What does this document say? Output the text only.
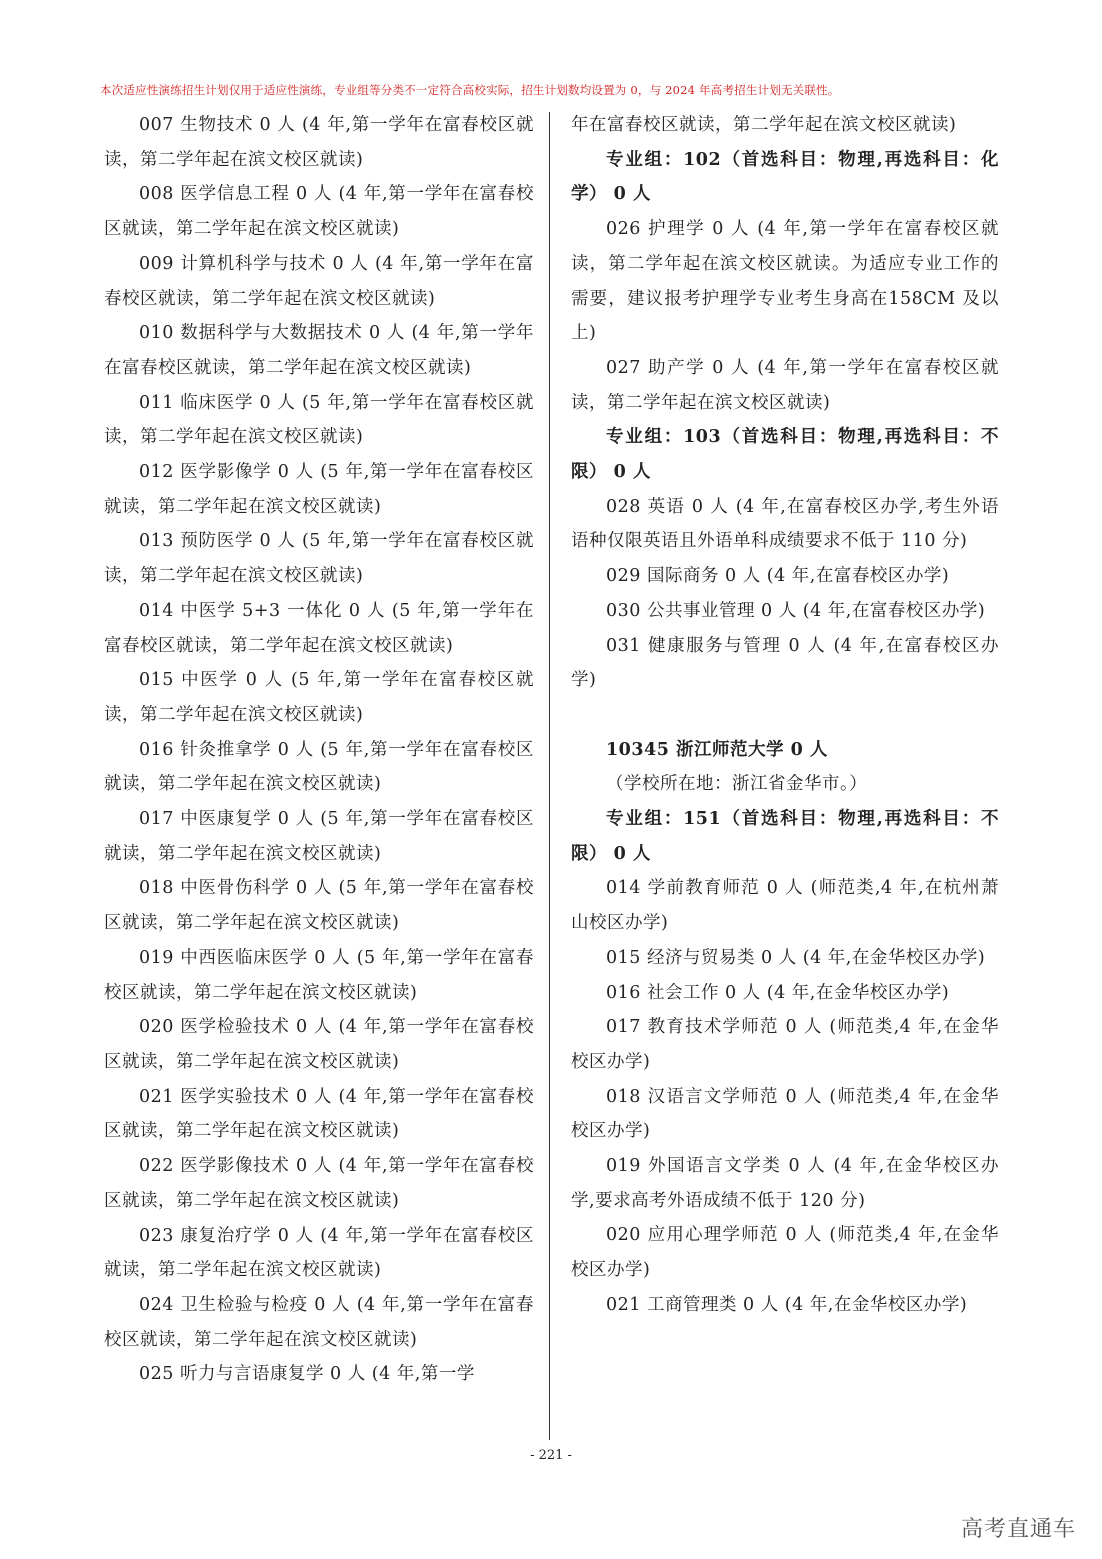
本次适应性演练招生计划仅用于适应性演练，专业组等分类不一定符合高校实际，招生计划数均设置为 0，与 2024 年高考招生计划无关联性。

007 生物技术 0 人 (4 年,第一学年在富春校区就读，第二学年起在滨文校区就读)

008 医学信息工程 0 人 (4 年,第一学年在富春校区就读，第二学年起在滨文校区就读)

009 计算机科学与技术 0 人 (4 年,第一学年在富春校区就读，第二学年起在滨文校区就读)

010 数据科学与大数据技术 0 人 (4 年,第一学年在富春校区就读，第二学年起在滨文校区就读)

011 临床医学 0 人 (5 年,第一学年在富春校区就读，第二学年起在滨文校区就读)

012 医学影像学 0 人 (5 年,第一学年在富春校区就读，第二学年起在滨文校区就读)

013 预防医学 0 人 (5 年,第一学年在富春校区就读，第二学年起在滨文校区就读)

014 中医学 5+3 一体化 0 人 (5 年,第一学年在富春校区就读，第二学年起在滨文校区就读)

015 中医学 0 人 (5 年,第一学年在富春校区就读，第二学年起在滨文校区就读)

016 针灸推拿学 0 人 (5 年,第一学年在富春校区就读，第二学年起在滨文校区就读)

017 中医康复学 0 人 (5 年,第一学年在富春校区就读，第二学年起在滨文校区就读)

018 中医骨伤科学 0 人 (5 年,第一学年在富春校区就读，第二学年起在滨文校区就读)

019 中西医临床医学 0 人 (5 年,第一学年在富春校区就读，第二学年起在滨文校区就读)

020 医学检验技术 0 人 (4 年,第一学年在富春校区就读，第二学年起在滨文校区就读)

021 医学实验技术 0 人 (4 年,第一学年在富春校区就读，第二学年起在滨文校区就读)

022 医学影像技术 0 人 (4 年,第一学年在富春校区就读，第二学年起在滨文校区就读)

023 康复治疗学 0 人 (4 年,第一学年在富春校区就读，第二学年起在滨文校区就读)

024 卫生检验与检疫 0 人 (4 年,第一学年在富春校区就读，第二学年起在滨文校区就读)

025 听力与言语康复学 0 人 (4 年,第一学

年在富春校区就读，第二学年起在滨文校区就读)

专业组：102（首选科目：物理,再选科目：化学） 0 人

026 护理学 0 人 (4 年,第一学年在富春校区就读，第二学年起在滨文校区就读。为适应专业工作的需要，建议报考护理学专业考生身高在158CM 及以上)

027 助产学 0 人 (4 年,第一学年在富春校区就读，第二学年起在滨文校区就读)

专业组：103（首选科目：物理,再选科目：不限） 0 人

028 英语 0 人 (4 年,在富春校区办学,考生外语语种仅限英语且外语单科成绩要求不低于 110 分)

029 国际商务 0 人 (4 年,在富春校区办学)

030 公共事业管理 0 人 (4 年,在富春校区办学)

031 健康服务与管理 0 人 (4 年,在富春校区办学)

10345 浙江师范大学 0 人

（学校所在地：浙江省金华市。）

专业组：151（首选科目：物理,再选科目：不限） 0 人

014 学前教育师范 0 人 (师范类,4 年,在杭州萧山校区办学)

015 经济与贸易类 0 人 (4 年,在金华校区办学)

016 社会工作 0 人 (4 年,在金华校区办学)

017 教育技术学师范 0 人 (师范类,4 年,在金华校区办学)

018 汉语言文学师范 0 人 (师范类,4 年,在金华校区办学)

019 外国语言文学类 0 人 (4 年,在金华校区办学,要求高考外语成绩不低于 120 分)

020 应用心理学师范 0 人 (师范类,4 年,在金华校区办学)

021 工商管理类 0 人 (4 年,在金华校区办学)

- 221 -
高考直通车
